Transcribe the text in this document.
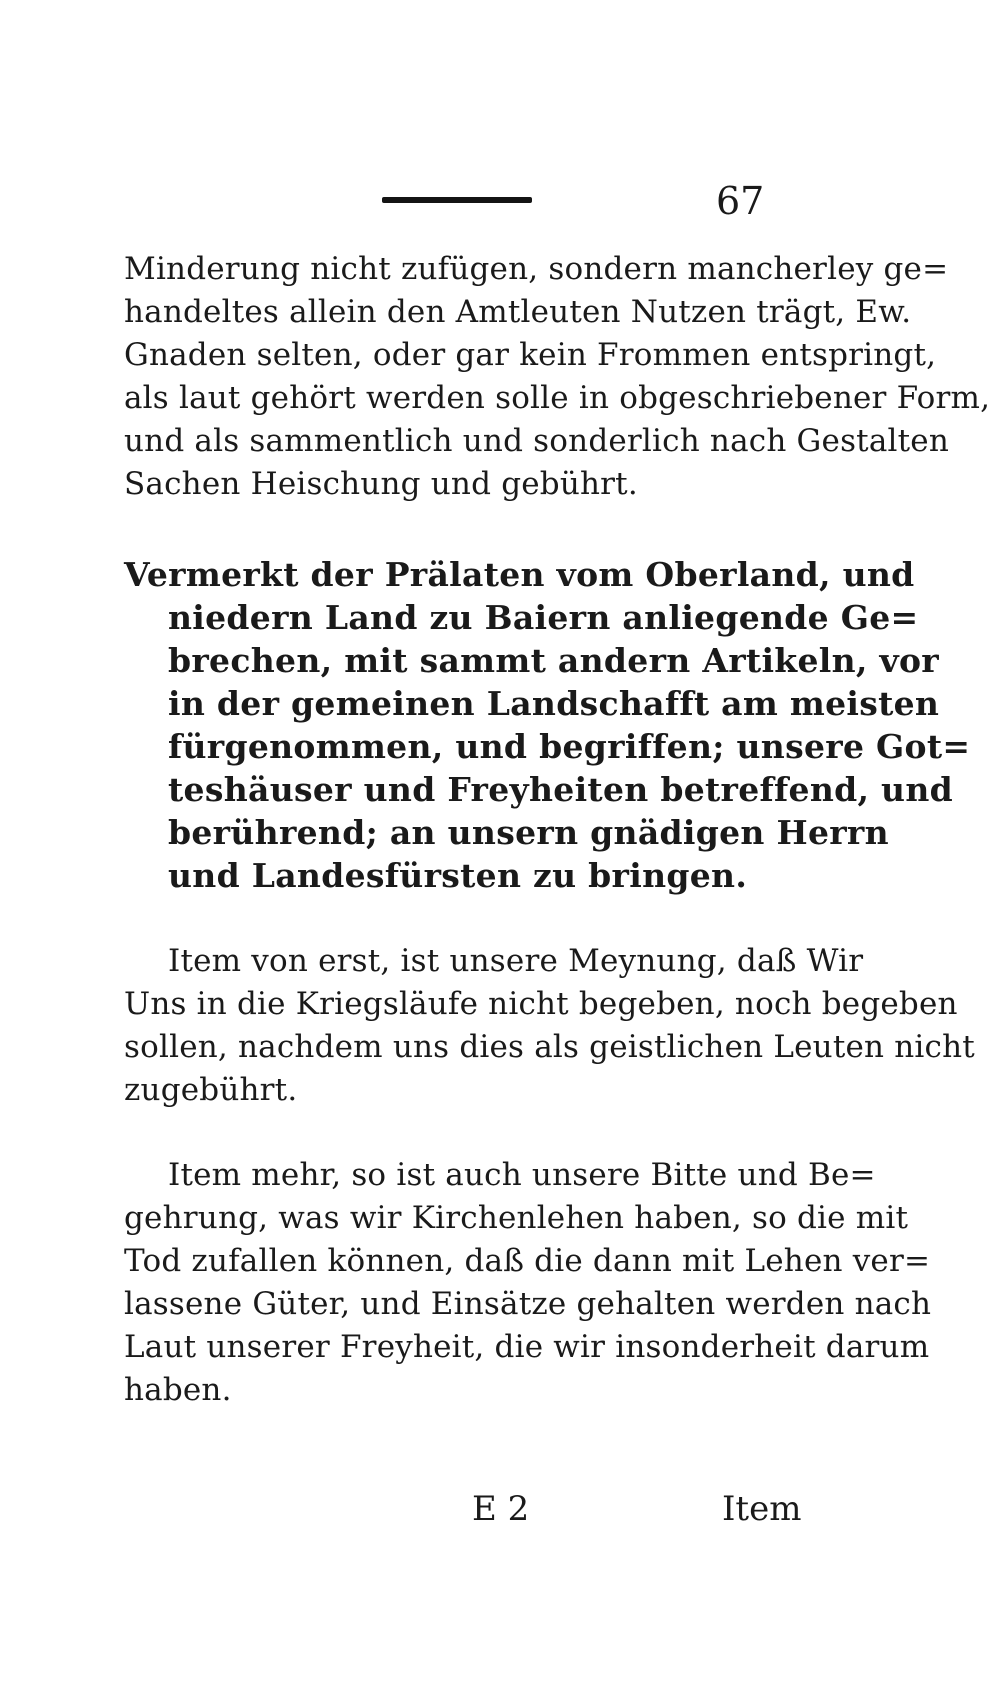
67
Minderung nicht zufügen, sondern mancherley ge=
handeltes allein den Amtleuten Nutzen trägt, Ew.
Gnaden selten, oder gar kein Frommen entspringt,
als laut gehört werden solle in obgeschriebener Form,
und als sammentlich und sonderlich nach Gestalten
Sachen Heischung und gebührt.
Vermerkt der Prälaten vom Oberland, und
niedern Land zu Baiern anliegende Ge=
brechen, mit sammt andern Artikeln, vor
in der gemeinen Landschafft am meisten
fürgenommen, und begriffen; unsere Got=
teshäuser und Freyheiten betreffend, und
berührend; an unsern gnädigen Herrn
und Landesfürsten zu bringen.
Item von erst, ist unsere Meynung, daß Wir
Uns in die Kriegsläufe nicht begeben, noch begeben
sollen, nachdem uns dies als geistlichen Leuten nicht
zugebührt.
Item mehr, so ist auch unsere Bitte und Be=
gehrung, was wir Kirchenlehen haben, so die mit
Tod zufallen können, daß die dann mit Lehen ver=
lassene Güter, und Einsätze gehalten werden nach
Laut unserer Freyheit, die wir insonderheit darum
haben.
E 2	Item
